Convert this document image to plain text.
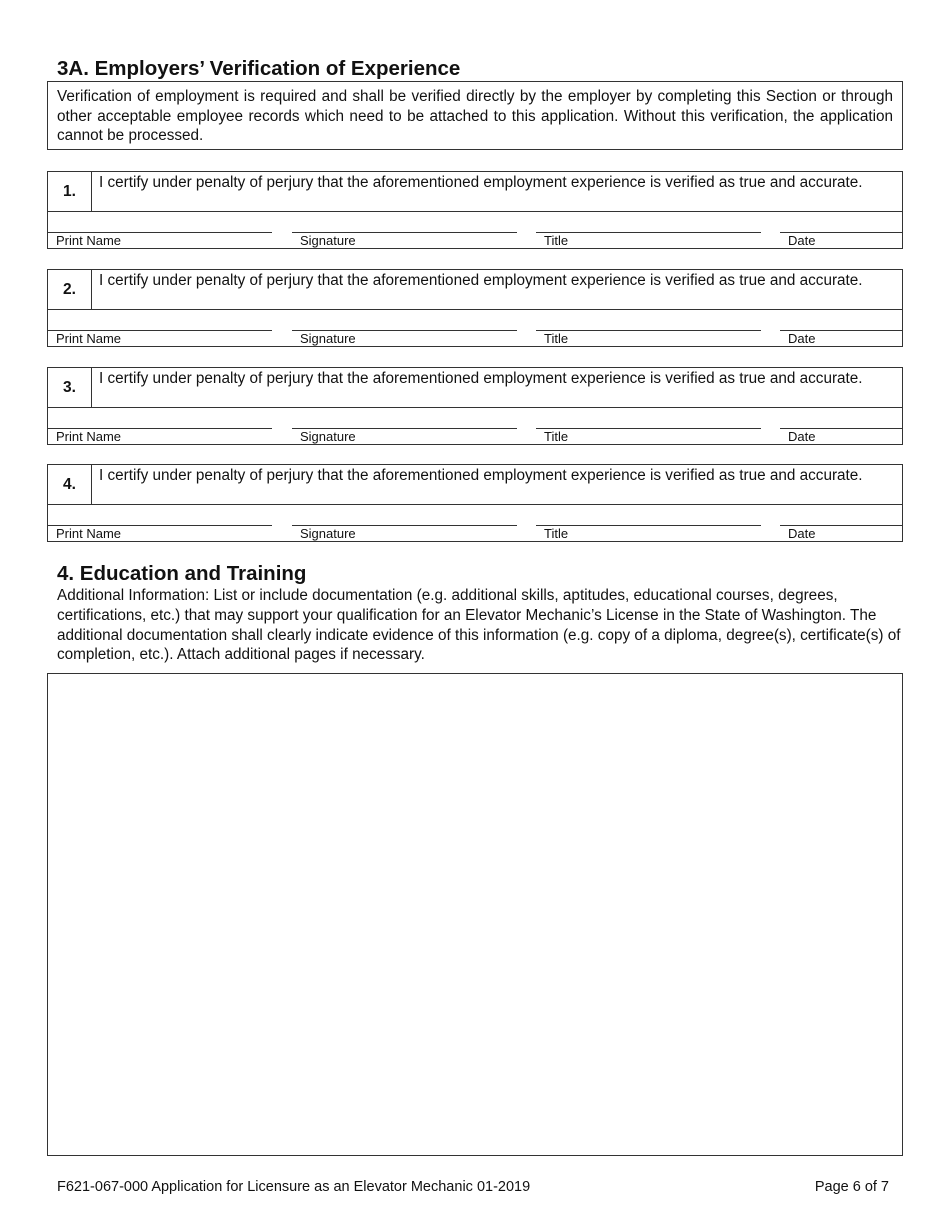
3A. Employers’ Verification of Experience
Verification of employment is required and shall be verified directly by the employer by completing this Section or through other acceptable employee records which need to be attached to this application. Without this verification, the application cannot be processed.
1.	I certify under penalty of perjury that the aforementioned employment experience is verified as true and accurate.
Print Name	Signature	Title	Date
2.	I certify under penalty of perjury that the aforementioned employment experience is verified as true and accurate.
Print Name	Signature	Title	Date
3.	I certify under penalty of perjury that the aforementioned employment experience is verified as true and accurate.
Print Name	Signature	Title	Date
4.	I certify under penalty of perjury that the aforementioned employment experience is verified as true and accurate.
Print Name	Signature	Title	Date
4. Education and Training

Additional Information: List or include documentation (e.g. additional skills, aptitudes, educational courses, degrees, certifications, etc.) that may support your qualification for an Elevator Mechanic’s License in the State of Washington. The additional documentation shall clearly indicate evidence of this information (e.g. copy of a diploma, degree(s), certificate(s) of completion, etc.). Attach additional pages if necessary.

F621-067-000 Application for Licensure as an Elevator Mechanic 01-2019	Page 6 of 7
